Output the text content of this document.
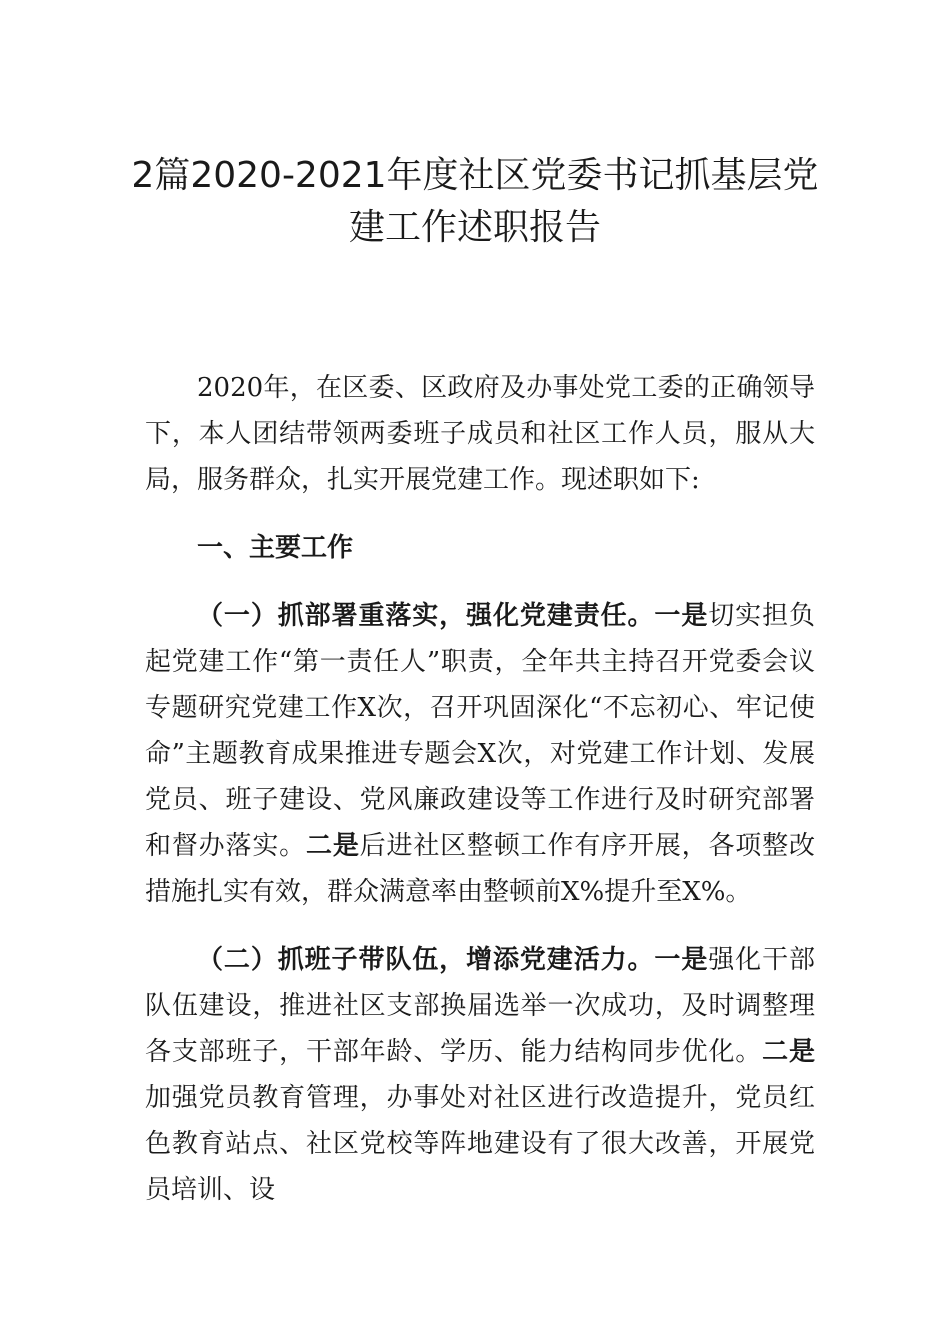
2篇2020-2021年度社区党委书记抓基层党
建工作述职报告

2020年，在区委、区政府及办事处党工委的正确领导下，本人团结带领两委班子成员和社区工作人员，服从大局，服务群众，扎实开展党建工作。现述职如下:

一、主要工作

（一）抓部署重落实，强化党建责任。一是切实担负起党建工作“第一责任人”职责，全年共主持召开党委会议专题研究党建工作X次，召开巩固深化“不忘初心、牢记使命”主题教育成果推进专题会X次，对党建工作计划、发展党员、班子建设、党风廉政建设等工作进行及时研究部署和督办落实。二是后进社区整顿工作有序开展，各项整改措施扎实有效，群众满意率由整顿前X%提升至X%。

（二）抓班子带队伍，增添党建活力。一是强化干部队伍建设，推进社区支部换届选举一次成功，及时调整理各支部班子，干部年龄、学历、能力结构同步优化。二是加强党员教育管理，办事处对社区进行改造提升，党员红色教育站点、社区党校等阵地建设有了很大改善，开展党员培训、设
